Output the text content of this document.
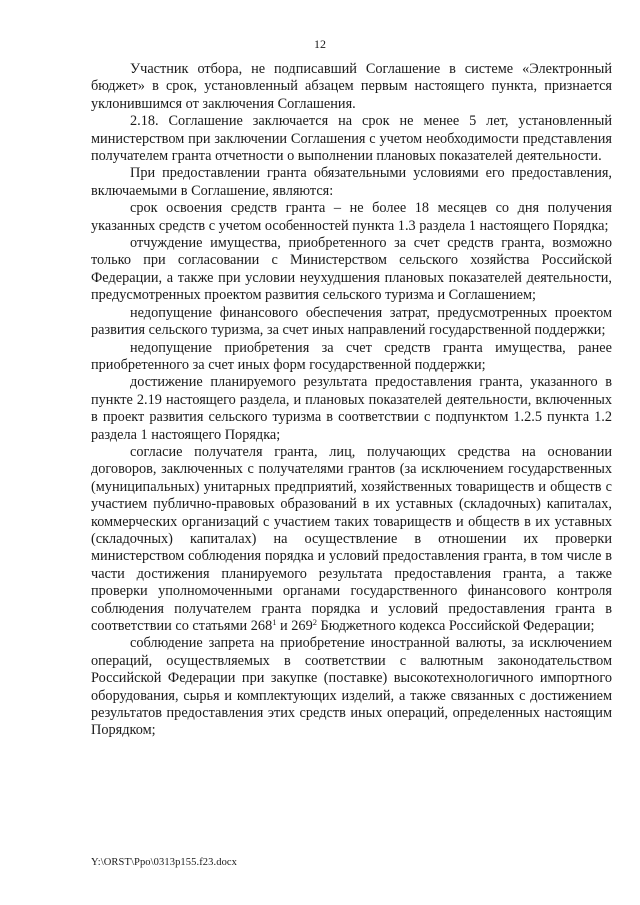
12

Участник отбора, не подписавший Соглашение в системе «Электронный бюджет» в срок, установленный абзацем первым настоящего пункта, признается уклонившимся от заключения Соглашения.

2.18. Соглашение заключается на срок не менее 5 лет, установленный министерством при заключении Соглашения с учетом необходимости представления получателем гранта отчетности о выполнении плановых показателей деятельности.

При предоставлении гранта обязательными условиями его предоставления, включаемыми в Соглашение, являются:

срок освоения средств гранта – не более 18 месяцев со дня получения указанных средств с учетом особенностей пункта 1.3 раздела 1 настоящего Порядка;

отчуждение имущества, приобретенного за счет средств гранта, возможно только при согласовании с Министерством сельского хозяйства Российской Федерации, а также при условии неухудшения плановых показателей деятельности, предусмотренных проектом развития сельского туризма и Соглашением;

недопущение финансового обеспечения затрат, предусмотренных проектом развития сельского туризма, за счет иных направлений государственной поддержки;

недопущение приобретения за счет средств гранта имущества, ранее приобретенного за счет иных форм государственной поддержки;

достижение планируемого результата предоставления гранта, указанного в пункте 2.19 настоящего раздела, и плановых показателей деятельности, включенных в проект развития сельского туризма в соответствии с подпунктом 1.2.5 пункта 1.2 раздела 1 настоящего Порядка;

согласие получателя гранта, лиц, получающих средства на основании договоров, заключенных с получателями грантов (за исключением государственных (муниципальных) унитарных предприятий, хозяйственных товариществ и обществ с участием публично-правовых образований в их уставных (складочных) капиталах, коммерческих организаций с участием таких товариществ и обществ в их уставных (складочных) капиталах) на осуществление в отношении их проверки министерством соблюдения порядка и условий предоставления гранта, в том числе в части достижения планируемого результата предоставления гранта, а также проверки уполномоченными органами государственного финансового контроля соблюдения получателем гранта порядка и условий предоставления гранта в соответствии со статьями $268^1$ и $269^2$ Бюджетного кодекса Российской Федерации;

соблюдение запрета на приобретение иностранной валюты, за исключением операций, осуществляемых в соответствии с валютным законодательством Российской Федерации при закупке (поставке) высокотехнологичного импортного оборудования, сырья и комплектующих изделий, а также связанных с достижением результатов предоставления этих средств иных операций, определенных настоящим Порядком;

Y:\ORST\Ppo\0313p155.f23.docx
